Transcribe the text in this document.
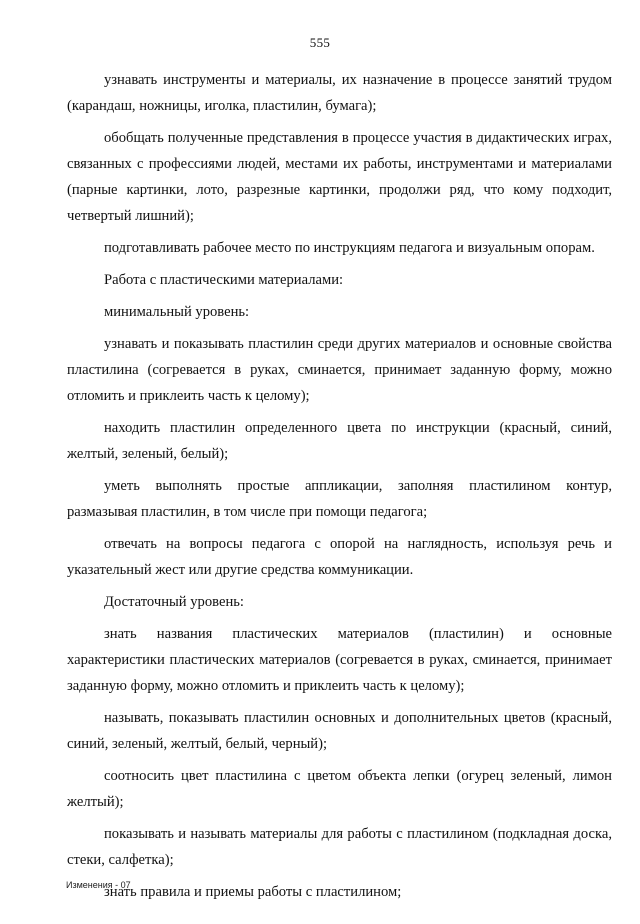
555

узнавать инструменты и материалы, их назначение в процессе занятий трудом (карандаш, ножницы, иголка, пластилин, бумага);

обобщать полученные представления в процессе участия в дидактических играх, связанных с профессиями людей, местами их работы, инструментами и материалами (парные картинки, лото, разрезные картинки, продолжи ряд, что кому подходит, четвертый лишний);

подготавливать рабочее место по инструкциям педагога и визуальным опорам.

Работа с пластическими материалами:

минимальный уровень:

узнавать и показывать пластилин среди других материалов и основные свойства пластилина (согревается в руках, сминается, принимает заданную форму, можно отломить и приклеить часть к целому);

находить пластилин определенного цвета по инструкции (красный, синий, желтый, зеленый, белый);

уметь выполнять простые аппликации, заполняя пластилином контур, размазывая пластилин, в том числе при помощи педагога;

отвечать на вопросы педагога с опорой на наглядность, используя речь и указательный жест или другие средства коммуникации.

Достаточный уровень:

знать названия пластических материалов (пластилин) и основные характеристики пластических материалов (согревается в руках, сминается, принимает заданную форму, можно отломить и приклеить часть к целому);

называть, показывать пластилин основных и дополнительных цветов (красный, синий, зеленый, желтый, белый, черный);

соотносить цвет пластилина с цветом объекта лепки (огурец зеленый, лимон желтый);

показывать и называть материалы для работы с пластилином (подкладная доска, стеки, салфетка);

знать правила и приемы работы с пластилином;

Изменения - 07
